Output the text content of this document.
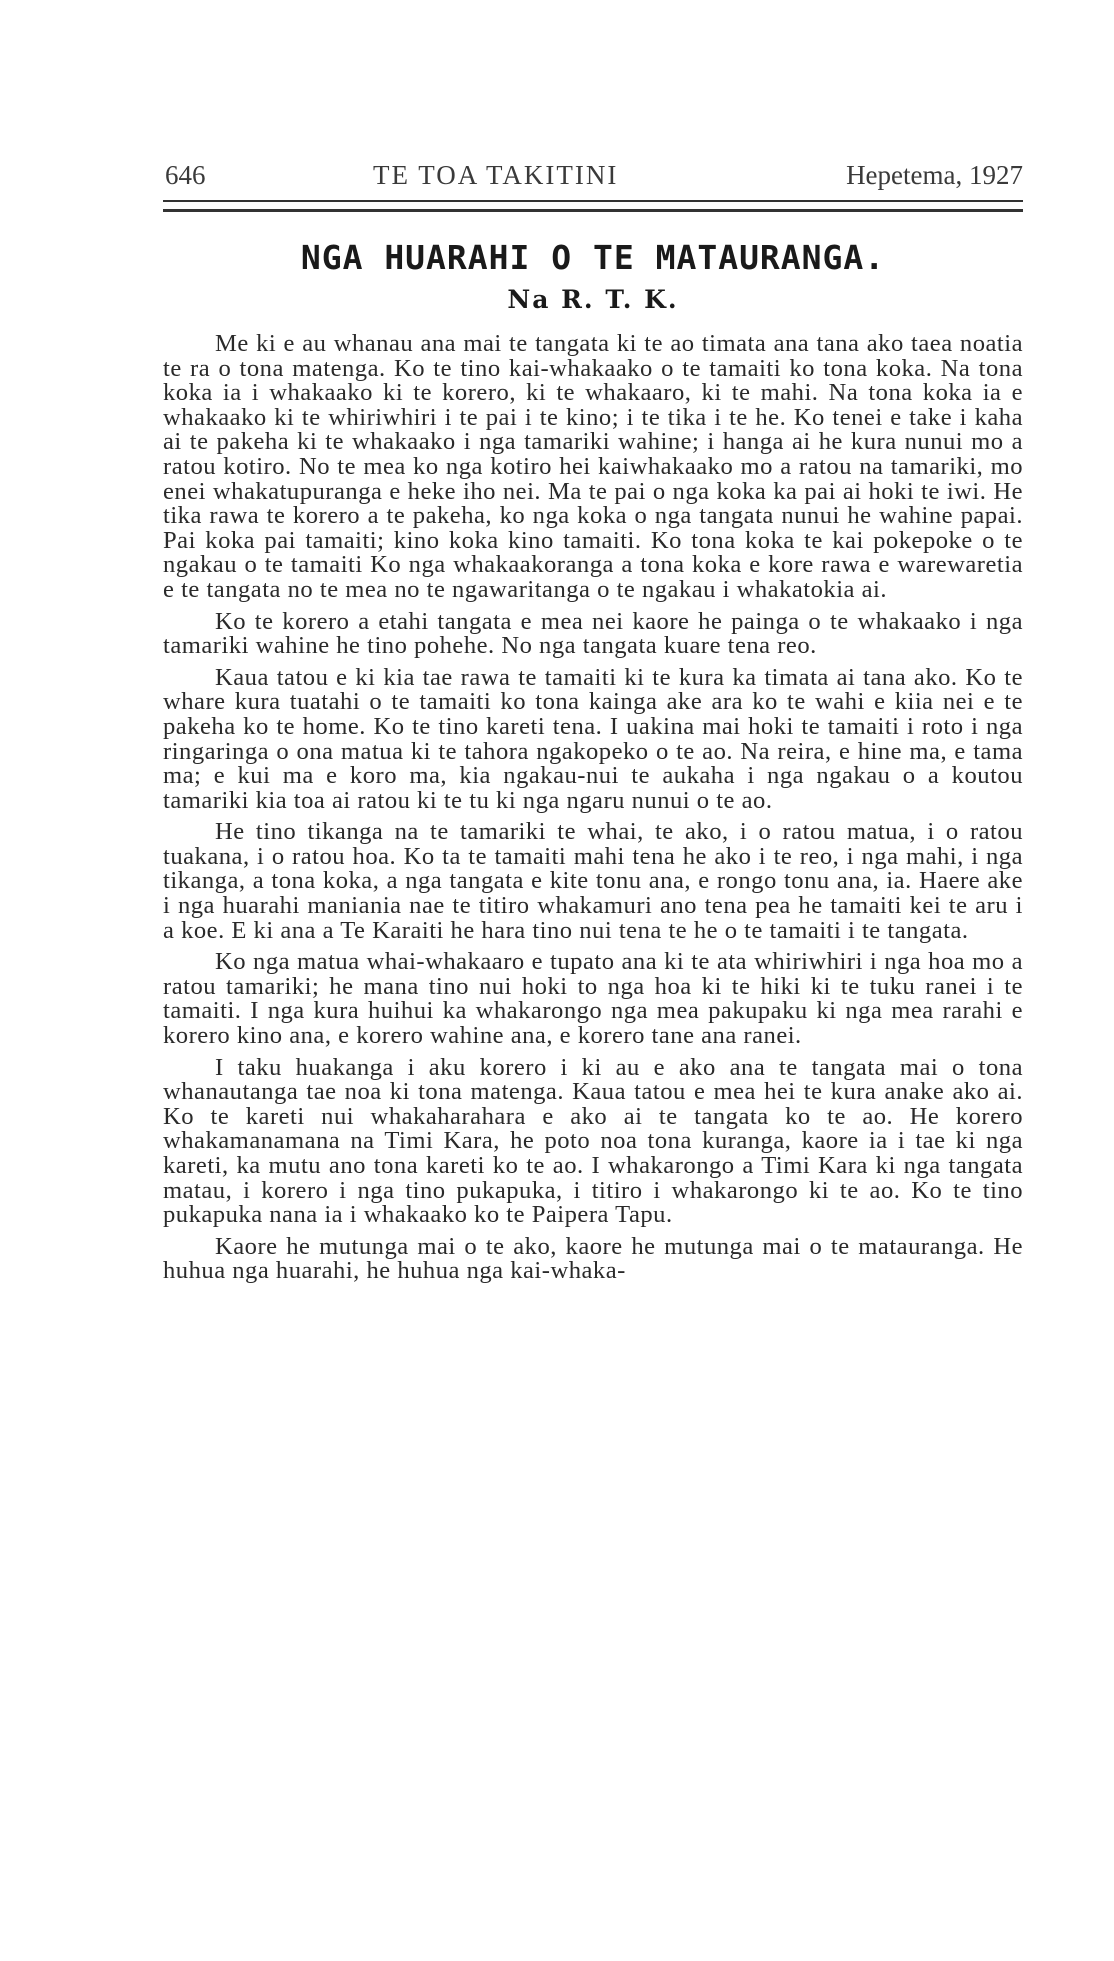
646	TE TOA TAKITINI	Hepetema, 1927
NGA HUARAHI O TE MATAURANGA.
Na R. T. K.

Me ki e au whanau ana mai te tangata ki te ao timata ana tana ako taea noatia te ra o tona matenga. Ko te tino kai-whakaako o te tamaiti ko tona koka. Na tona koka ia i whakaako ki te korero, ki te whakaaro, ki te mahi. Na tona koka ia e whakaako ki te whiriwhiri i te pai i te kino; i te tika i te he. Ko tenei e take i kaha ai te pakeha ki te whakaako i nga tamariki wahine; i hanga ai he kura nunui mo a ratou kotiro. No te mea ko nga kotiro hei kaiwhakaako mo a ratou na tamariki, mo enei whakatupuranga e heke iho nei. Ma te pai o nga koka ka pai ai hoki te iwi. He tika rawa te korero a te pakeha, ko nga koka o nga tangata nunui he wahine papai. Pai koka pai tamaiti; kino koka kino tamaiti. Ko tona koka te kai pokepoke o te ngakau o te tamaiti Ko nga whakaakoranga a tona koka e kore rawa e warewaretia e te tangata no te mea no te ngawaritanga o te ngakau i whakatokia ai.

Ko te korero a etahi tangata e mea nei kaore he painga o te whakaako i nga tamariki wahine he tino pohehe. No nga tangata kuare tena reo.

Kaua tatou e ki kia tae rawa te tamaiti ki te kura ka timata ai tana ako. Ko te whare kura tuatahi o te tamaiti ko tona kainga ake ara ko te wahi e kiia nei e te pakeha ko te home. Ko te tino kareti tena. I uakina mai hoki te tamaiti i roto i nga ringaringa o ona matua ki te tahora ngakopeko o te ao. Na reira, e hine ma, e tama ma; e kui ma e koro ma, kia ngakau-nui te aukaha i nga ngakau o a koutou tamariki kia toa ai ratou ki te tu ki nga ngaru nunui o te ao.

He tino tikanga na te tamariki te whai, te ako, i o ratou matua, i o ratou tuakana, i o ratou hoa. Ko ta te tamaiti mahi tena he ako i te reo, i nga mahi, i nga tikanga, a tona koka, a nga tangata e kite tonu ana, e rongo tonu ana, ia. Haere ake i nga huarahi maniania nae te titiro whakamuri ano tena pea he tamaiti kei te aru i a koe. E ki ana a Te Karaiti he hara tino nui tena te he o te tamaiti i te tangata.

Ko nga matua whai-whakaaro e tupato ana ki te ata whiriwhiri i nga hoa mo a ratou tamariki; he mana tino nui hoki to nga hoa ki te hiki ki te tuku ranei i te tamaiti. I nga kura huihui ka whakarongo nga mea pakupaku ki nga mea rarahi e korero kino ana, e korero wahine ana, e korero tane ana ranei.

I taku huakanga i aku korero i ki au e ako ana te tangata mai o tona whanautanga tae noa ki tona matenga. Kaua tatou e mea hei te kura anake ako ai. Ko te kareti nui whakaharahara e ako ai te tangata ko te ao. He korero whakamanamana na Timi Kara, he poto noa tona kuranga, kaore ia i tae ki nga kareti, ka mutu ano tona kareti ko te ao. I whakarongo a Timi Kara ki nga tangata matau, i korero i nga tino pukapuka, i titiro i whakarongo ki te ao. Ko te tino pukapuka nana ia i whakaako ko te Paipera Tapu.

Kaore he mutunga mai o te ako, kaore he mutunga mai o te matauranga. He huhua nga huarahi, he huhua nga kai-whaka-
